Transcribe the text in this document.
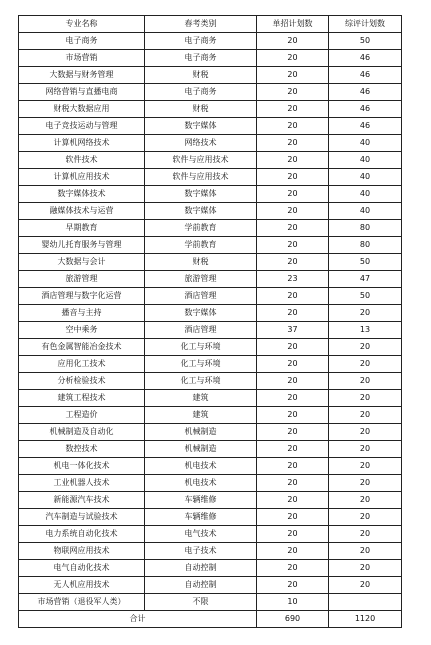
专业名称	春考类别	单招计划数	综评计划数
电子商务	电子商务	20	50
市场营销	电子商务	20	46
大数据与财务管理	财税	20	46
网络营销与直播电商	电子商务	20	46
财税大数据应用	财税	20	46
电子竞技运动与管理	数字媒体	20	46
计算机网络技术	网络技术	20	40
软件技术	软件与应用技术	20	40
计算机应用技术	软件与应用技术	20	40
数字媒体技术	数字媒体	20	40
融媒体技术与运营	数字媒体	20	40
早期教育	学前教育	20	80
婴幼儿托育服务与管理	学前教育	20	80
大数据与会计	财税	20	50
旅游管理	旅游管理	23	47
酒店管理与数字化运营	酒店管理	20	50
播音与主持	数字媒体	20	20
空中乘务	酒店管理	37	13
有色金属智能冶金技术	化工与环境	20	20
应用化工技术	化工与环境	20	20
分析检验技术	化工与环境	20	20
建筑工程技术	建筑	20	20
工程造价	建筑	20	20
机械制造及自动化	机械制造	20	20
数控技术	机械制造	20	20
机电一体化技术	机电技术	20	20
工业机器人技术	机电技术	20	20
新能源汽车技术	车辆维修	20	20
汽车制造与试验技术	车辆维修	20	20
电力系统自动化技术	电气技术	20	20
物联网应用技术	电子技术	20	20
电气自动化技术	自动控制	20	20
无人机应用技术	自动控制	20	20
市场营销（退役军人类）	不限	10	
合计		690	1120
